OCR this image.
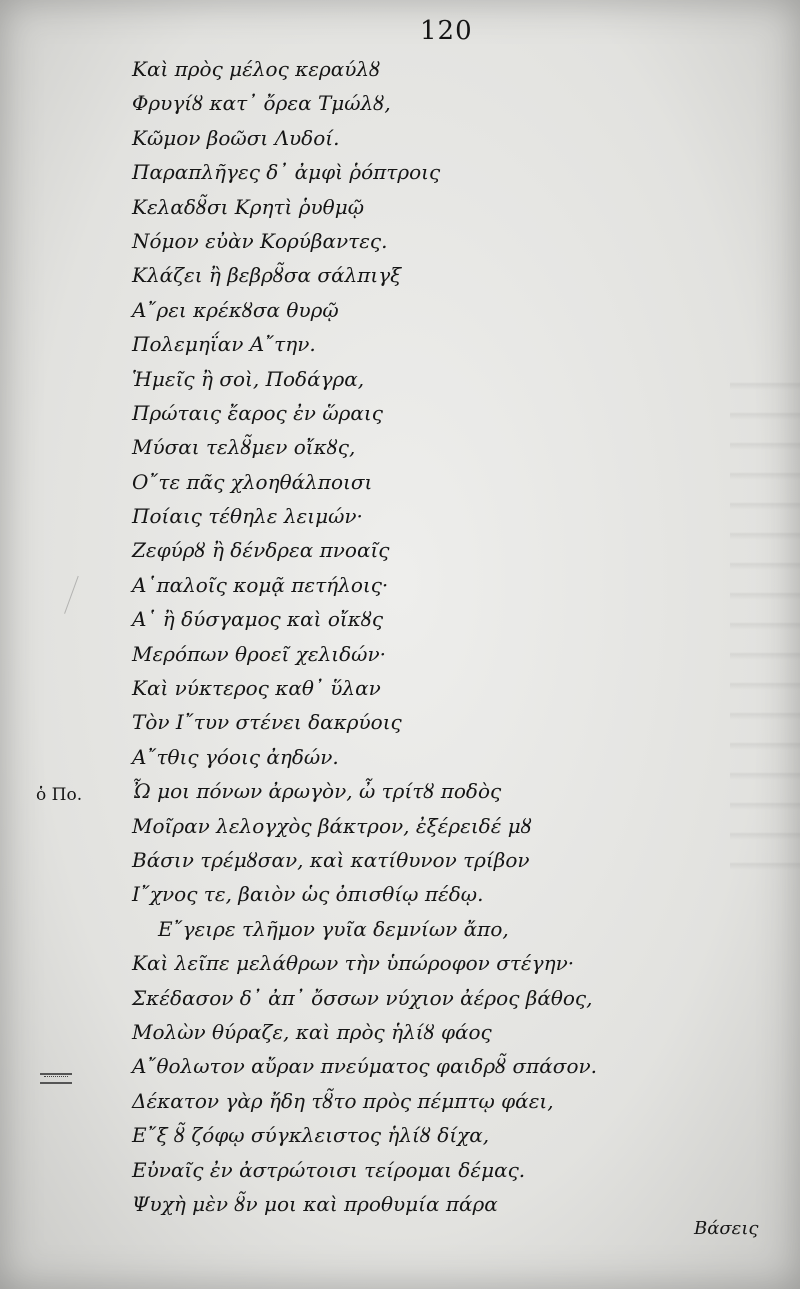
120
ὁ Πο.
Καὶ πρὸς μέλος κεραύλȣ
Φρυγίȣ κατ᾽ ὄρεα Τμώλȣ,
Κῶμον βοῶσι Λυδοί.
Παραπλῆγες δ᾽ ἀμφὶ ῥόπτροις
Κελαδȣ̃σι Κρητὶ ῥυθμῷ
Νόμον εὐὰν Κορύβαντες.
Κλάζει ἢ βεβρȣ̃σα σάλπιγξ
Α῎ρει κρέκȣσα θυρῷ
Πολεμηΐαν Α῎την.
Ἡμεῖς ἢ σοὶ, Ποδάγρα,
Πρώταις ἔαρος ἐν ὥραις
Μύσαι τελȣ̃μεν οἴκȣς,
Ο῎τε πᾶς χλοηθάλποισι
Ποίαις τέθηλε λειμών·
Ζεφύρȣ ἢ δένδρεα πνοαῖς
Α῾παλοῖς κομᾷ πετήλοις·
Α῾ ἢ δύσγαμος καὶ οἴκȣς
Μερόπων θροεῖ χελιδών·
Καὶ νύκτερος καθ᾽ ὕλαν
Τὸν Ι῎τυν στένει δακρύοις
Α῎τθις γόοις ἀηδών.
Ὦ μοι πόνων ἀρωγὸν, ὦ τρίτȣ ποδὸς
Μοῖραν λελογχὸς βάκτρον, ἐξέρειδέ μȣ
Βάσιν τρέμȣσαν, καὶ κατίθυνον τρίβον
Ι῎χνος τε, βαιὸν ὡς ὀπισθίῳ πέδῳ.
Ε῎γειρε τλῆμον γυῖα δεμνίων ἄπο,
Καὶ λεῖπε μελάθρων τὴν ὑπώροφον στέγην·
Σκέδασον δ᾽ ἀπ᾽ ὄσσων νύχιον ἀέρος βάθος,
Μολὼν θύραζε, καὶ πρὸς ἡλίȣ φάος
Α῎θολωτον αὔραν πνεύματος φαιδρȣ̃ σπάσον.
Δέκατον γὰρ ἤδη τȣ̃το πρὸς πέμπτῳ φάει,
Ε῎ξ ȣ̃ ζόφῳ σύγκλειστος ἡλίȣ δίχα,
Εὐναῖς ἐν ἀστρώτοισι τείρομαι δέμας.
Ψυχὴ μὲν ȣ̃ν μοι καὶ προθυμία πάρα
Βάσεις
